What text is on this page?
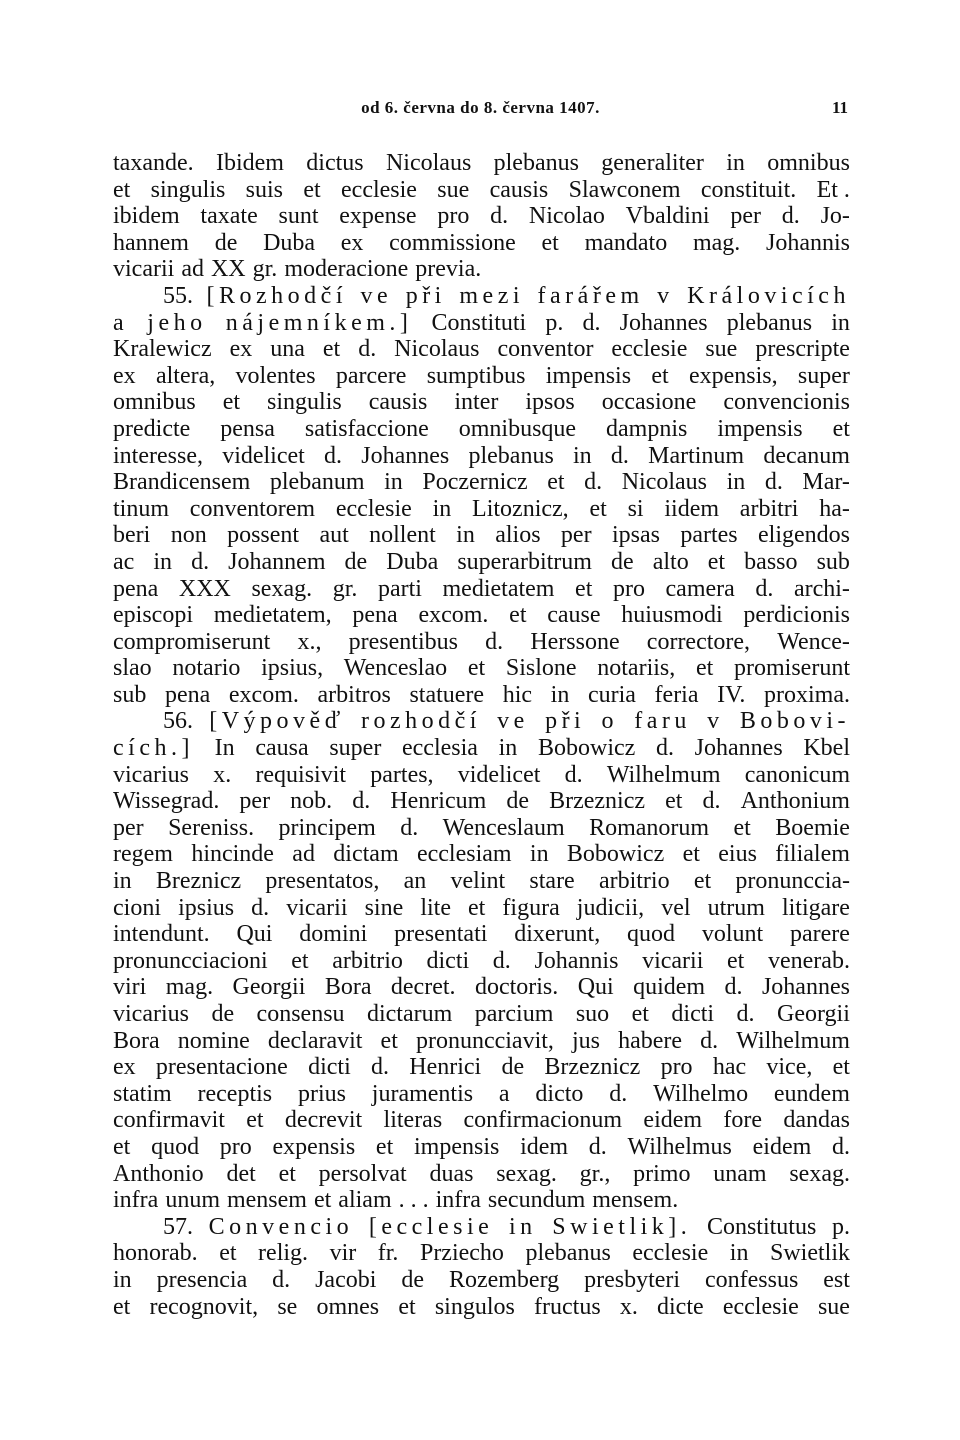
od 6. června do 8. června 1407.	11
taxande. Ibidem dictus Nicolaus plebanus generaliter in omnibus
et singulis suis et ecclesie sue causis Slawconem constituit. Et .
ibidem taxate sunt expense pro d. Nicolao Vbaldini per d. Jo-
hannem de Duba ex commissione et mandato mag. Johannis
vicarii ad XX gr. moderacione previa.
55. [Rozhodčí ve při mezi farářem v Královicích
a jeho nájemníkem.] Constituti p. d. Johannes plebanus in
Kralewicz ex una et d. Nicolaus conventor ecclesie sue prescripte
ex altera, volentes parcere sumptibus impensis et expensis, super
omnibus et singulis causis inter ipsos occasione convencionis
predicte pensa satisfaccione omnibusque dampnis impensis et
interesse, videlicet d. Johannes plebanus in d. Martinum decanum
Brandicensem plebanum in Poczernicz et d. Nicolaus in d. Mar-
tinum conventorem ecclesie in Litoznicz, et si iidem arbitri ha-
beri non possent aut nollent in alios per ipsas partes eligendos
ac in d. Johannem de Duba superarbitrum de alto et basso sub
pena XXX sexag. gr. parti medietatem et pro camera d. archi-
episcopi medietatem, pena excom. et cause huiusmodi perdicionis
compromiserunt x., presentibus d. Herssone correctore, Wence-
slao notario ipsius, Wenceslao et Sislone notariis, et promiserunt
sub pena excom. arbitros statuere hic in curia feria IV. proxima.
56. [Výpověď rozhodčí ve při o faru v Bobovi-
cích.] In causa super ecclesia in Bobowicz d. Johannes Kbel
vicarius x. requisivit partes, videlicet d. Wilhelmum canonicum
Wissegrad. per nob. d. Henricum de Brzeznicz et d. Anthonium
per Sereniss. principem d. Wenceslaum Romanorum et Boemie
regem hincinde ad dictam ecclesiam in Bobowicz et eius filialem
in Breznicz presentatos, an velint stare arbitrio et pronunccia-
cioni ipsius d. vicarii sine lite et figura judicii, vel utrum litigare
intendunt. Qui domini presentati dixerunt, quod volunt parere
pronuncciacioni et arbitrio dicti d. Johannis vicarii et venerab.
viri mag. Georgii Bora decret. doctoris. Qui quidem d. Johannes
vicarius de consensu dictarum parcium suo et dicti d. Georgii
Bora nomine declaravit et pronuncciavit, jus habere d. Wilhelmum
ex presentacione dicti d. Henrici de Brzeznicz pro hac vice, et
statim receptis prius juramentis a dicto d. Wilhelmo eundem
confirmavit et decrevit literas confirmacionum eidem fore dandas
et quod pro expensis et impensis idem d. Wilhelmus eidem d.
Anthonio det et persolvat duas sexag. gr., primo unam sexag.
infra unum mensem et aliam . . . infra secundum mensem.
57. Convencio [ecclesie in Swietlik]. Constitutus p.
honorab. et relig. vir fr. Prziecho plebanus ecclesie in Swietlik
in presencia d. Jacobi de Rozemberg presbyteri confessus est
et recognovit, se omnes et singulos fructus x. dicte ecclesie sue
